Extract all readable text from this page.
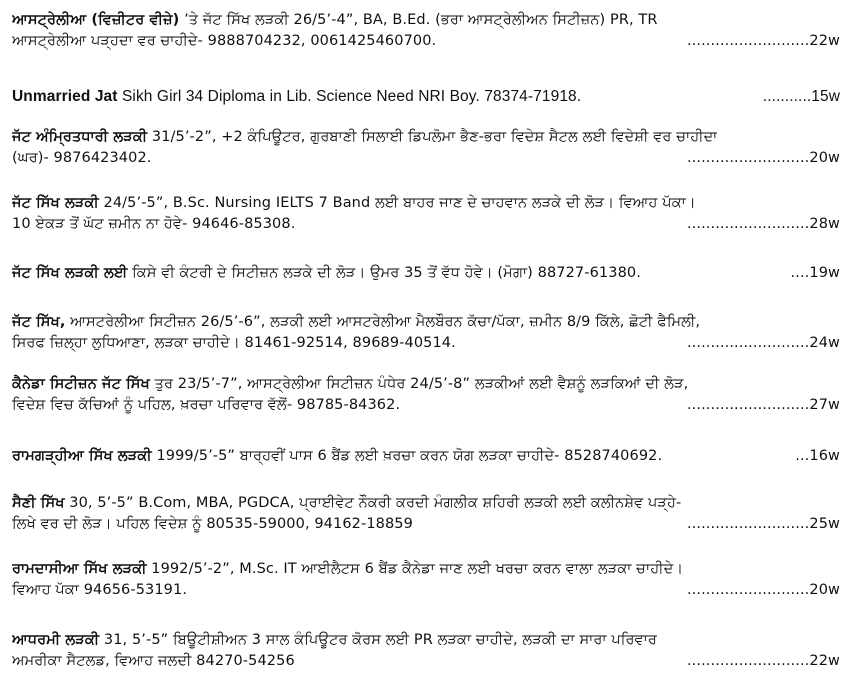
ਆਸਟ੍ਰੇਲੀਆ (ਵਿਜ਼ੀਟਰ ਵੀਜ਼ੇ) ’ਤੇ ਜੱਟ ਸਿੱਖ ਲੜਕੀ 26/5’-4”, BA, B.Ed. (ਭਰਾ ਆਸਟ੍ਰੇਲੀਅਨ ਸਿਟੀਜ਼ਨ) PR, TR
ਆਸਟ੍ਰੇਲੀਆ ਪੜ੍ਹਦਾ ਵਰ ਚਾਹੀਦੇ- 9888704232, 0061425460700.	..........................22w
Unmarried Jat Sikh Girl 34 Diploma in Lib. Science Need NRI Boy. 78374-71918.	...........15w
ਜੱਟ ਅੰਮ੍ਰਿਤਧਾਰੀ ਲੜਕੀ 31/5’-2”, +2 ਕੰਪਿਊਟਰ, ਗੁਰਬਾਣੀ ਸਿਲਾਈ ਡਿਪਲੋਮਾ ਭੈਣ-ਭਰਾ ਵਿਦੇਸ਼ ਸੈਟਲ ਲਈ ਵਿਦੇਸ਼ੀ ਵਰ ਚਾਹੀਦਾ
(ਘਰ)- 9876423402.	..........................20w
ਜੱਟ ਸਿੱਖ ਲੜਕੀ 24/5’-5”, B.Sc. Nursing IELTS 7 Band ਲਈ ਬਾਹਰ ਜਾਣ ਦੇ ਚਾਹਵਾਨ ਲੜਕੇ ਦੀ ਲੋੜ। ਵਿਆਹ ਪੱਕਾ।
10 ਏਕੜ ਤੋਂ ਘੱਟ ਜ਼ਮੀਨ ਨਾ ਹੋਵੇ- 94646-85308.	..........................28w
ਜੱਟ ਸਿੱਖ ਲੜਕੀ ਲਈ ਕਿਸੇ ਵੀ ਕੰਟਰੀ ਦੇ ਸਿਟੀਜ਼ਨ ਲੜਕੇ ਦੀ ਲੋੜ। ਉਮਰ 35 ਤੋਂ ਵੱਧ ਹੋਵੇ। (ਮੋਗਾ) 88727-61380.	....19w
ਜੱਟ ਸਿੱਖ, ਆਸਟਰੇਲੀਆ ਸਿਟੀਜ਼ਨ 26/5’-6”, ਲੜਕੀ ਲਈ ਆਸਟਰੇਲੀਆ ਮੈਲਬੌਰਨ ਕੱਚਾ/ਪੱਕਾ, ਜ਼ਮੀਨ 8/9 ਕਿੱਲੇ, ਛੋਟੀ ਫੈਮਿਲੀ,
ਸਿਰਫ ਜ਼ਿਲ੍ਹਾ ਲੁਧਿਆਣਾ, ਲੜਕਾ ਚਾਹੀਦੇ। 81461-92514, 89689-40514.	..........................24w
ਕੈਨੇਡਾ ਸਿਟੀਜ਼ਨ ਜੱਟ ਸਿੱਖ ਤੁਰ 23/5’-7”, ਆਸਟ੍ਰੇਲੀਆ ਸਿਟੀਜ਼ਨ ਪੰਧੇਰ 24/5’-8” ਲੜਕੀਆਂ ਲਈ ਵੈਸ਼ਨੂੰ ਲੜਕਿਆਂ ਦੀ ਲੋੜ,
ਵਿਦੇਸ਼ ਵਿਚ ਕੱਚਿਆਂ ਨੂੰ ਪਹਿਲ, ਖ਼ਰਚਾ ਪਰਿਵਾਰ ਵੱਲੋਂ- 98785-84362.	..........................27w
ਰਾਮਗੜ੍ਹੀਆ ਸਿੱਖ ਲੜਕੀ 1999/5’-5” ਬਾਰ੍ਹਵੀਂ ਪਾਸ 6 ਬੈਂਡ ਲਈ ਖ਼ਰਚਾ ਕਰਨ ਯੋਗ ਲੜਕਾ ਚਾਹੀਦੇ- 8528740692.	...16w
ਸੈਣੀ ਸਿੱਖ 30, 5’-5” B.Com, MBA, PGDCA, ਪ੍ਰਾਈਵੇਟ ਨੌਕਰੀ ਕਰਦੀ ਮੰਗਲੀਕ ਸ਼ਹਿਰੀ ਲੜਕੀ ਲਈ ਕਲੀਨਸ਼ੇਵ ਪੜ੍ਹੇ-
ਲਿਖੇ ਵਰ ਦੀ ਲੋੜ। ਪਹਿਲ ਵਿਦੇਸ਼ ਨੂੰ 80535-59000, 94162-18859	..........................25w
ਰਾਮਦਾਸੀਆ ਸਿੱਖ ਲੜਕੀ 1992/5’-2”, M.Sc. IT ਆਈਲੈਟਸ 6 ਬੈਂਡ ਕੈਨੇਡਾ ਜਾਣ ਲਈ ਖਰਚਾ ਕਰਨ ਵਾਲਾ ਲੜਕਾ ਚਾਹੀਦੇ।
ਵਿਆਹ ਪੱਕਾ 94656-53191.	..........................20w
ਆਧਰਮੀ ਲੜਕੀ 31, 5’-5” ਬਿਊਟੀਸ਼ੀਅਨ 3 ਸਾਲ ਕੰਪਿਊਟਰ ਕੋਰਸ ਲਈ PR ਲੜਕਾ ਚਾਹੀਦੇ, ਲੜਕੀ ਦਾ ਸਾਰਾ ਪਰਿਵਾਰ
ਅਮਰੀਕਾ ਸੈਟਲਡ, ਵਿਆਹ ਜਲਦੀ 84270-54256	..........................22w
